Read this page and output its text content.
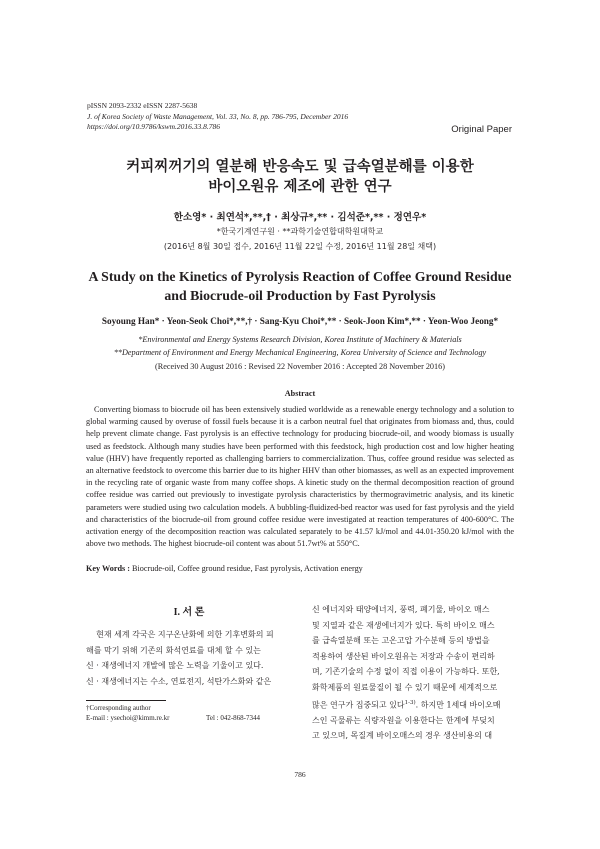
pISSN 2093-2332 eISSN 2287-5638
J. of Korea Society of Waste Management, Vol. 33, No. 8, pp. 786-795, December 2016
https://doi.org/10.9786/kswm.2016.33.8.786	Original Paper
커피찌꺼기의 열분해 반응속도 및 급속열분해를 이용한
바이오원유 제조에 관한 연구
한소영* · 최연석*,**,† · 최상규*,** · 김석준*,** · 정연우*
*한국기계연구원 · **과학기술연합대학원대학교
(2016년 8월 30일 접수, 2016년 11월 22일 수정, 2016년 11월 28일 채택)
A Study on the Kinetics of Pyrolysis Reaction of Coffee Ground Residue
and Biocrude-oil Production by Fast Pyrolysis
Soyoung Han* · Yeon-Seok Choi*,**,† · Sang-Kyu Choi*,** · Seok-Joon Kim*,** · Yeon-Woo Jeong*
*Environmental and Energy Systems Research Division, Korea Institute of Machinery & Materials
**Department of Environment and Energy Mechanical Engineering, Korea University of Science and Technology
(Received 30 August 2016 : Revised 22 November 2016 : Accepted 28 November 2016)
Abstract
Converting biomass to biocrude oil has been extensively studied worldwide as a renewable energy technology and a solution to global warming caused by overuse of fossil fuels because it is a carbon neutral fuel that originates from biomass and, thus, could help prevent climate change. Fast pyrolysis is an effective technology for producing biocrude-oil, and woody biomass is usually used as feedstock. Although many studies have been performed with this feedstock, high production cost and low higher heating value (HHV) have frequently reported as challenging barriers to commercialization. Thus, coffee ground residue was selected as an alternative feedstock to overcome this barrier due to its higher HHV than other biomasses, as well as an expected improvement in the recycling rate of organic waste from many coffee shops. A kinetic study on the thermal decomposition reaction of ground coffee residue was carried out previously to investigate pyrolysis characteristics by thermogravimetric analysis, and its kinetic parameters were studied using two calculation models. A bubbling-fluidized-bed reactor was used for fast pyrolysis and the yield and characteristics of the biocrude-oil from ground coffee residue were investigated at reaction temperatures of 400-600°C. The activation energy of the decomposition reaction was calculated separately to be 41.57 kJ/mol and 44.01-350.20 kJ/mol with the above two methods. The highest biocrude-oil content was about 51.7wt% at 550°C.
Key Words : Biocrude-oil, Coffee ground residue, Fast pyrolysis, Activation energy
I. 서 론
현재 세계 각국은 지구온난화에 의한 기후변화의 피
해를 막기 위해 기존의 화석연료를 대체 할 수 있는
신 · 재생에너지 개발에 많은 노력을 기울이고 있다.
신 · 재생에너지는 수소, 연료전지, 석탄가스화와 같은
신 에너지와 태양에너지, 풍력, 폐기물, 바이오 매스
및 지열과 같은 재생에너지가 있다. 특히 바이오 매스
를 급속열분해 또는 고온고압 가수분해 등의 방법을
적용하여 생산된 바이오원유는 저장과 수송이 편리하
며, 기존기술의 수정 없이 직접 이용이 가능하다. 또한,
화학제품의 원료물질이 될 수 있기 때문에 세계적으로
많은 연구가 집중되고 있다$^{1-3)}$. 하지만 1세대 바이오매
스인 곡물류는 식량자원을 이용한다는 한계에 부딪치
고 있으며, 목질계 바이오매스의 경우 생산비용의 대
†Corresponding author
E-mail : ysechoi@kimm.re.kr	Tel : 042-868-7344
786
